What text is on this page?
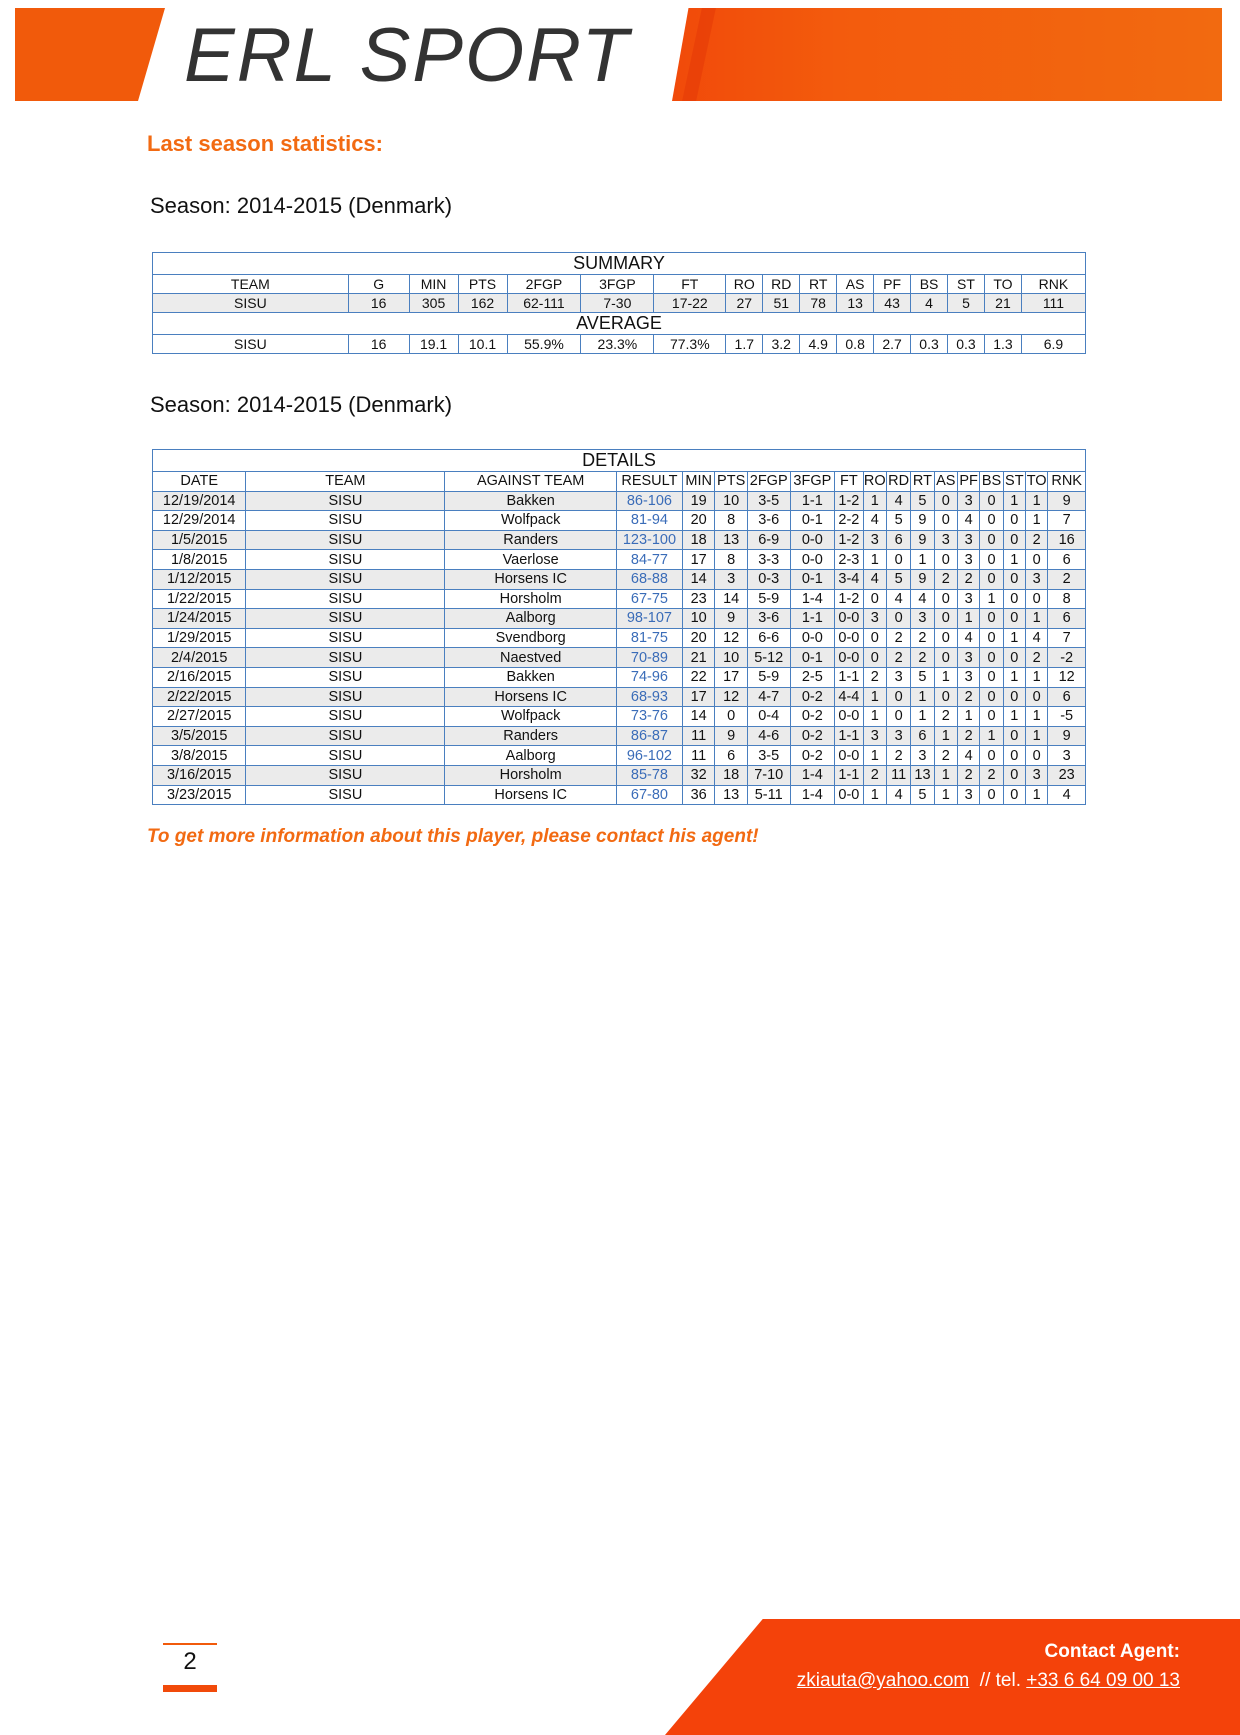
ERL SPORT
Last season statistics:
Season: 2014-2015 (Denmark)
SUMMARY															
TEAM	G	MIN	PTS	2FGP	3FGP	FT	RO	RD	RT	AS	PF	BS	ST	TO	RNK
SISU	16	305	162	62-111	7-30	17-22	27	51	78	13	43	4	5	21	111
AVERAGE															
SISU	16	19.1	10.1	55.9%	23.3%	77.3%	1.7	3.2	4.9	0.8	2.7	0.3	0.3	1.3	6.9
Season: 2014-2015 (Denmark)
DETAILS																	
DATE	TEAM	AGAINST TEAM	RESULT	MIN	PTS	2FGP	3FGP	FT	RO	RD	RT	AS	PF	BS	ST	TO	RNK
12/19/2014	SISU	Bakken	86-106	19	10	3-5	1-1	1-2	1	4	5	0	3	0	1	1	9
12/29/2014	SISU	Wolfpack	81-94	20	8	3-6	0-1	2-2	4	5	9	0	4	0	0	1	7
1/5/2015	SISU	Randers	123-100	18	13	6-9	0-0	1-2	3	6	9	3	3	0	0	2	16
1/8/2015	SISU	Vaerlose	84-77	17	8	3-3	0-0	2-3	1	0	1	0	3	0	1	0	6
1/12/2015	SISU	Horsens IC	68-88	14	3	0-3	0-1	3-4	4	5	9	2	2	0	0	3	2
1/22/2015	SISU	Horsholm	67-75	23	14	5-9	1-4	1-2	0	4	4	0	3	1	0	0	8
1/24/2015	SISU	Aalborg	98-107	10	9	3-6	1-1	0-0	3	0	3	0	1	0	0	1	6
1/29/2015	SISU	Svendborg	81-75	20	12	6-6	0-0	0-0	0	2	2	0	4	0	1	4	7
2/4/2015	SISU	Naestved	70-89	21	10	5-12	0-1	0-0	0	2	2	0	3	0	0	2	-2
2/16/2015	SISU	Bakken	74-96	22	17	5-9	2-5	1-1	2	3	5	1	3	0	1	1	12
2/22/2015	SISU	Horsens IC	68-93	17	12	4-7	0-2	4-4	1	0	1	0	2	0	0	0	6
2/27/2015	SISU	Wolfpack	73-76	14	0	0-4	0-2	0-0	1	0	1	2	1	0	1	1	-5
3/5/2015	SISU	Randers	86-87	11	9	4-6	0-2	1-1	3	3	6	1	2	1	0	1	9
3/8/2015	SISU	Aalborg	96-102	11	6	3-5	0-2	0-0	1	2	3	2	4	0	0	0	3
3/16/2015	SISU	Horsholm	85-78	32	18	7-10	1-4	1-1	2	11	13	1	2	2	0	3	23
3/23/2015	SISU	Horsens IC	67-80	36	13	5-11	1-4	0-0	1	4	5	1	3	0	0	1	4
To get more information about this player, please contact his agent!
2	Contact Agent:
zkiauta@yahoo.com  // tel. +33 6 64 09 00 13
